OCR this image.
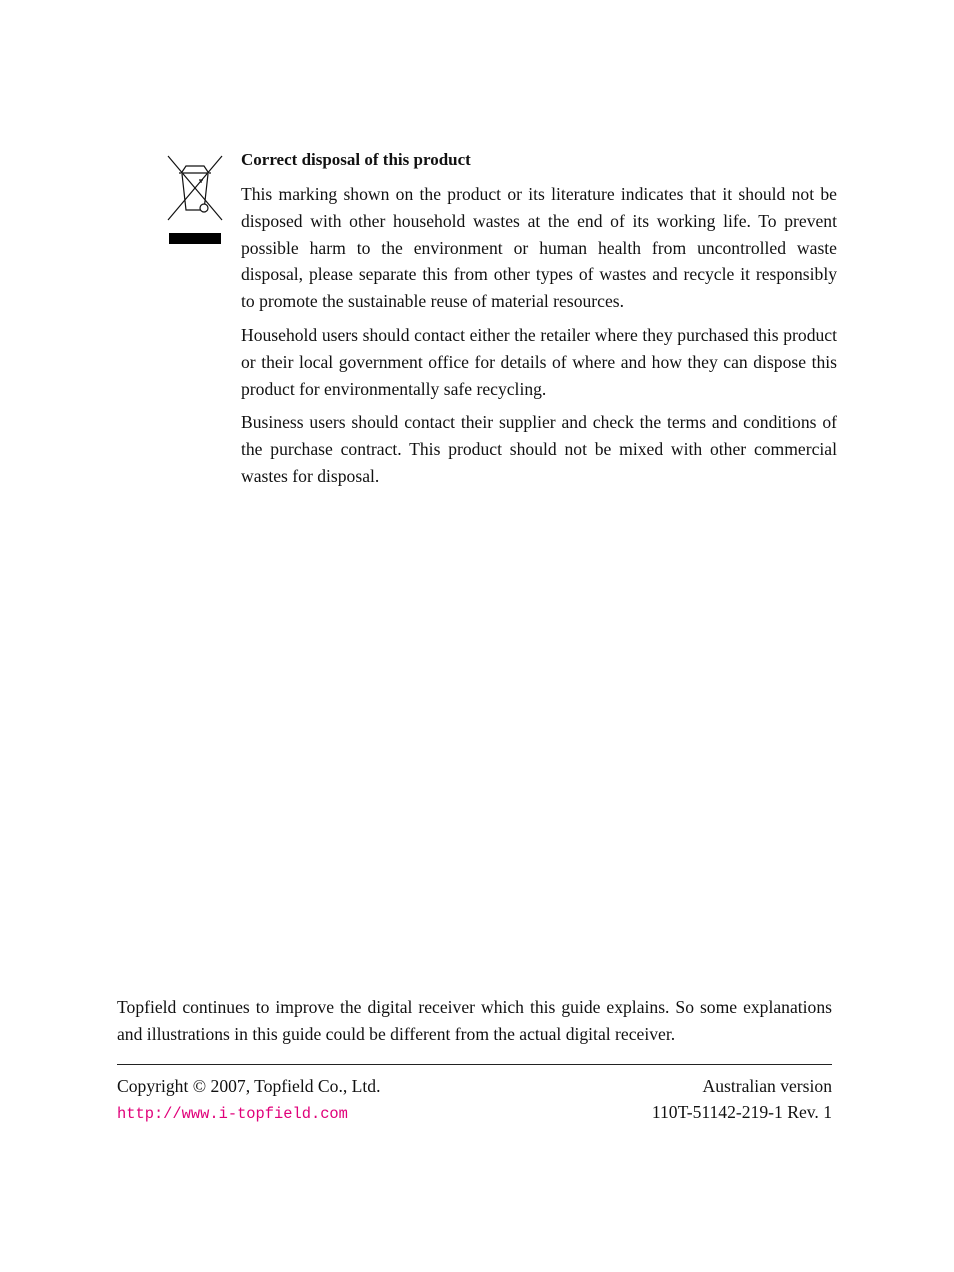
Correct disposal of this product

This marking shown on the product or its literature indicates that it should not be disposed with other household wastes at the end of its working life. To prevent possible harm to the environment or human health from uncontrolled waste disposal, please separate this from other types of wastes and recycle it responsibly to promote the sustainable reuse of material resources.

Household users should contact either the retailer where they purchased this product or their local government office for details of where and how they can dispose this product for environmentally safe recycling.

Business users should contact their supplier and check the terms and conditions of the purchase contract. This product should not be mixed with other commercial wastes for disposal.

Topfield continues to improve the digital receiver which this guide explains. So some explanations and illustrations in this guide could be different from the actual digital receiver.

Copyright © 2007, Topfield Co., Ltd.
http://www.i-topfield.com
Australian version
110T-51142-219-1 Rev. 1
